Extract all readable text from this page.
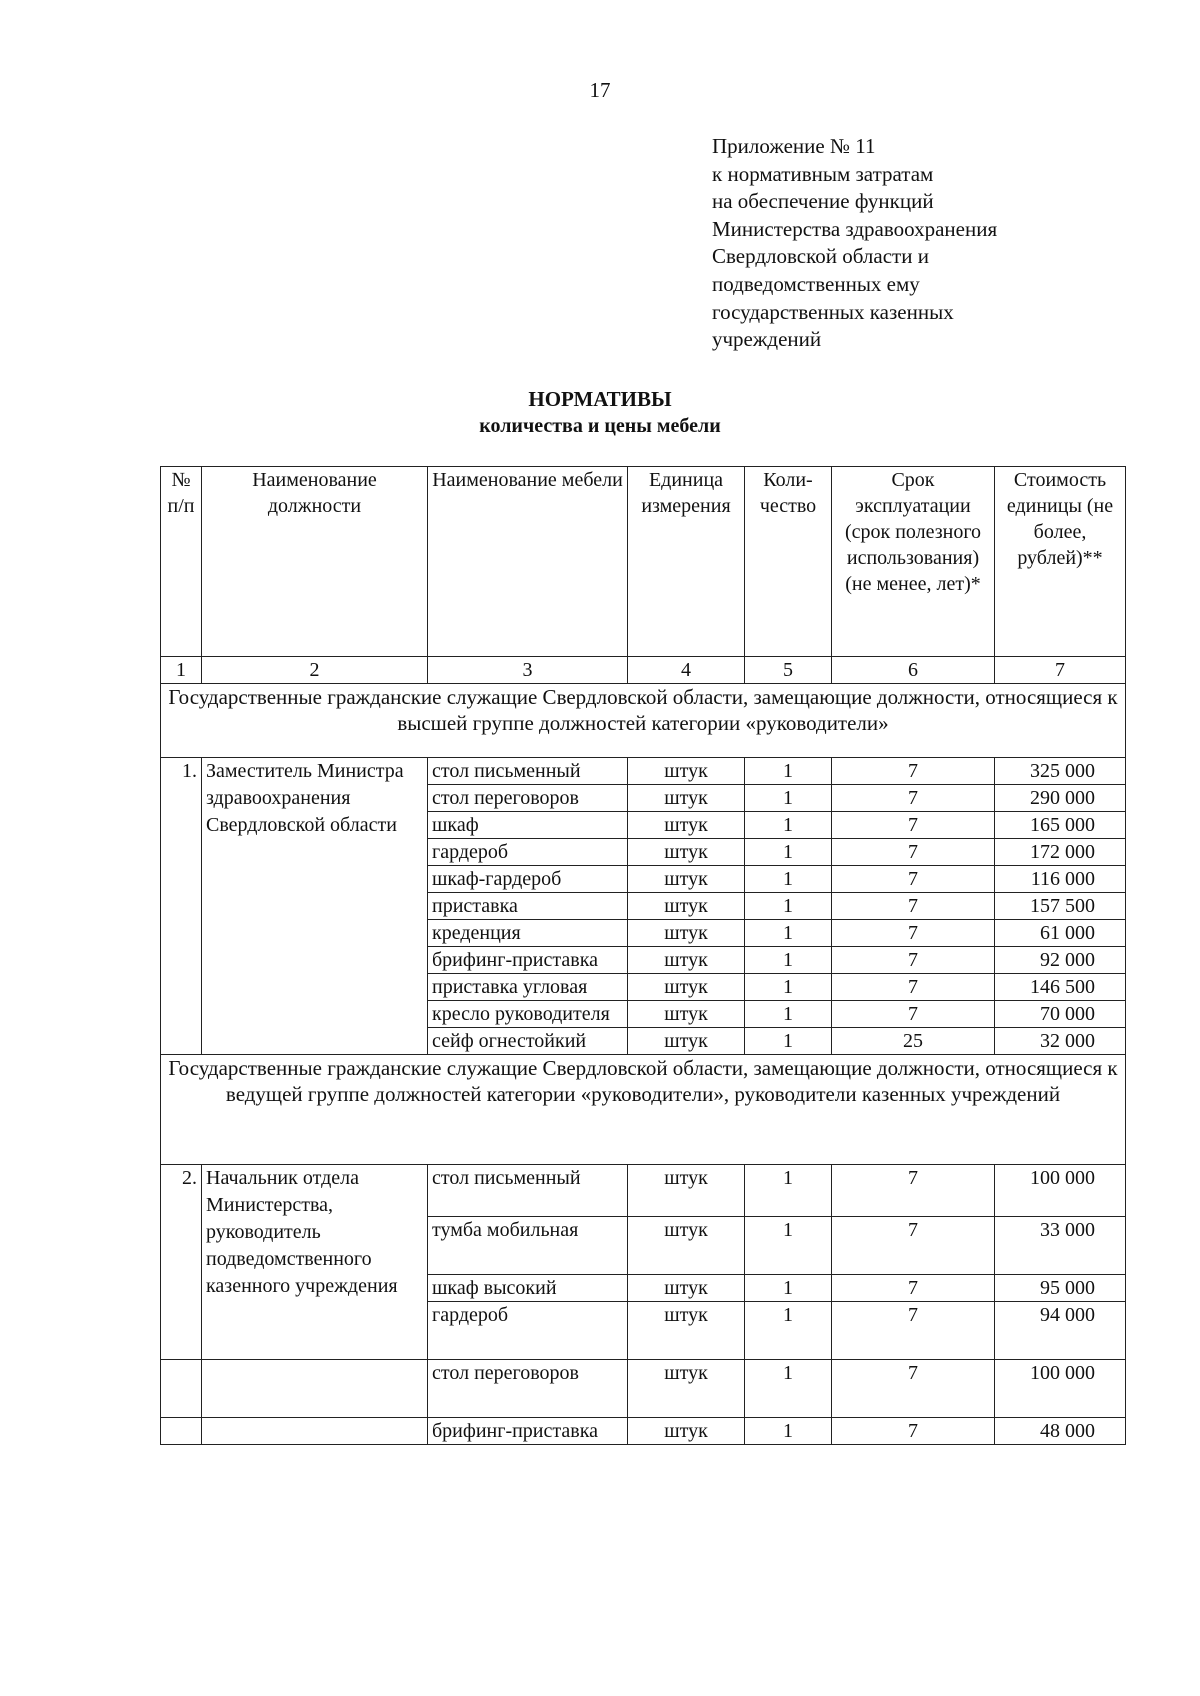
17
Приложение № 11
к нормативным затратам
на обеспечение функций
Министерства здравоохранения
Свердловской области и
подведомственных ему
государственных казенных
учреждений
НОРМАТИВЫ
количества и цены мебели
№ п/п	Наименование должности	Наименование мебели	Единица измерения	Коли- чество	Срок эксплуатации (срок полезного использования) (не менее, лет)*	Стоимость единицы (не более, рублей)**
1	2	3	4	5	6	7
Государственные гражданские служащие Свердловской области, замещающие должности, относящиеся к высшей группе должностей категории «руководители»						
1.	Заместитель Министра здравоохранения Свердловской области	стол письменный	штук	1	7	325 000
		стол переговоров	штук	1	7	290 000
		шкаф	штук	1	7	165 000
		гардероб	штук	1	7	172 000
		шкаф-гардероб	штук	1	7	116 000
		приставка	штук	1	7	157 500
		креденция	штук	1	7	61 000
		брифинг-приставка	штук	1	7	92 000
		приставка угловая	штук	1	7	146 500
		кресло руководителя	штук	1	7	70 000
		сейф огнестойкий	штук	1	25	32 000
Государственные гражданские служащие Свердловской области, замещающие должности, относящиеся к ведущей группе должностей категории «руководители», руководители казенных учреждений						
2.	Начальник отдела Министерства, руководитель подведомственного казенного учреждения	стол письменный	штук	1	7	100 000
		тумба мобильная	штук	1	7	33 000
		шкаф высокий	штук	1	7	95 000
		гардероб	штук	1	7	94 000
		стол переговоров	штук	1	7	100 000
		брифинг-приставка	штук	1	7	48 000
